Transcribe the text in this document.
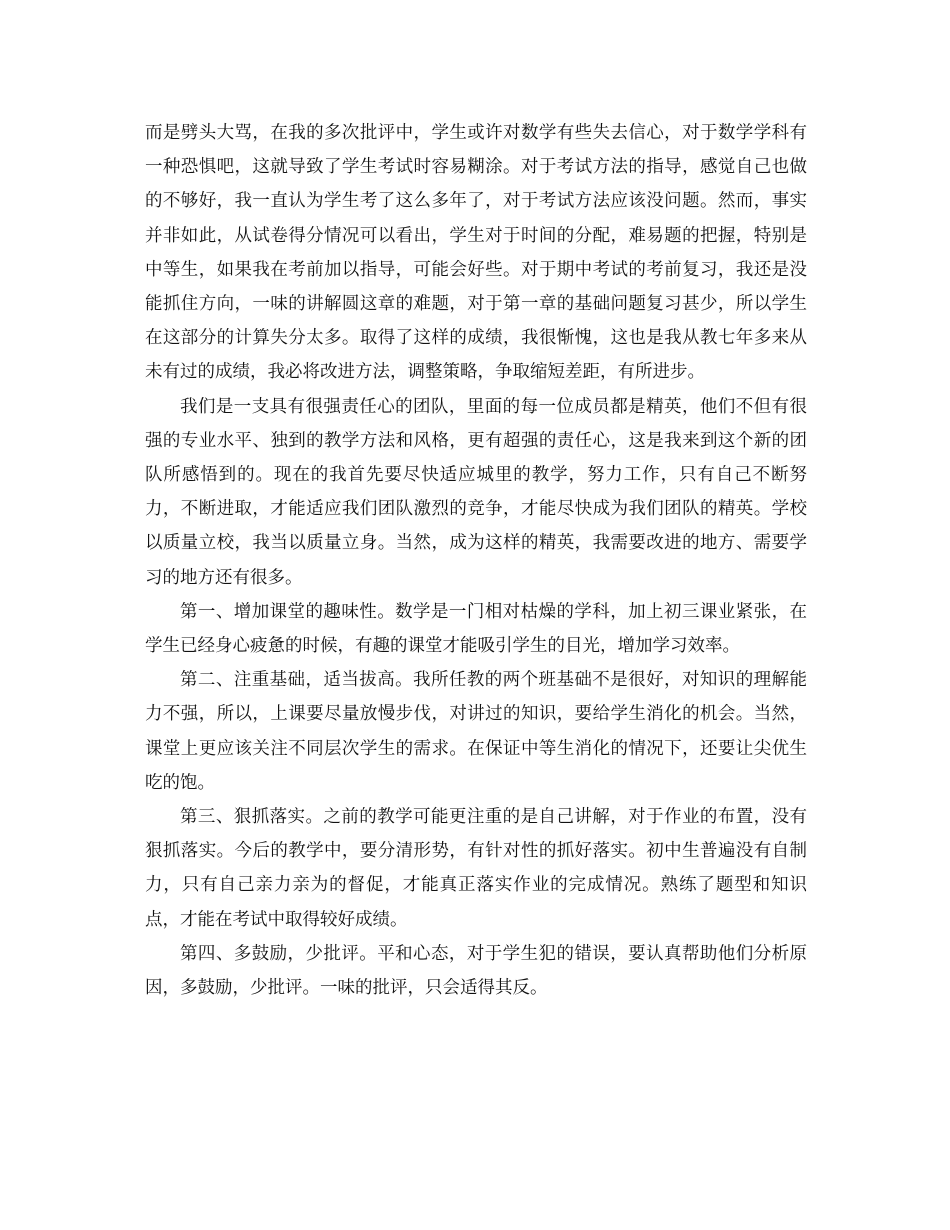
而是劈头大骂，在我的多次批评中，学生或许对数学有些失去信心，对于数学学科有一种恐惧吧，这就导致了学生考试时容易糊涂。对于考试方法的指导，感觉自己也做的不够好，我一直认为学生考了这么多年了，对于考试方法应该没问题。然而，事实并非如此，从试卷得分情况可以看出，学生对于时间的分配，难易题的把握，特别是中等生，如果我在考前加以指导，可能会好些。对于期中考试的考前复习，我还是没能抓住方向，一味的讲解圆这章的难题，对于第一章的基础问题复习甚少，所以学生在这部分的计算失分太多。取得了这样的成绩，我很惭愧，这也是我从教七年多来从未有过的成绩，我必将改进方法，调整策略，争取缩短差距，有所进步。

我们是一支具有很强责任心的团队，里面的每一位成员都是精英，他们不但有很强的专业水平、独到的教学方法和风格，更有超强的责任心，这是我来到这个新的团队所感悟到的。现在的我首先要尽快适应城里的教学，努力工作，只有自己不断努力，不断进取，才能适应我们团队激烈的竞争，才能尽快成为我们团队的精英。学校以质量立校，我当以质量立身。当然，成为这样的精英，我需要改进的地方、需要学习的地方还有很多。

第一、增加课堂的趣味性。数学是一门相对枯燥的学科，加上初三课业紧张，在学生已经身心疲惫的时候，有趣的课堂才能吸引学生的目光，增加学习效率。

第二、注重基础，适当拔高。我所任教的两个班基础不是很好，对知识的理解能力不强，所以，上课要尽量放慢步伐，对讲过的知识，要给学生消化的机会。当然，课堂上更应该关注不同层次学生的需求。在保证中等生消化的情况下，还要让尖优生吃的饱。

第三、狠抓落实。之前的教学可能更注重的是自己讲解，对于作业的布置，没有狠抓落实。今后的教学中，要分清形势，有针对性的抓好落实。初中生普遍没有自制力，只有自己亲力亲为的督促，才能真正落实作业的完成情况。熟练了题型和知识点，才能在考试中取得较好成绩。

第四、多鼓励，少批评。平和心态，对于学生犯的错误，要认真帮助他们分析原因，多鼓励，少批评。一味的批评，只会适得其反。
